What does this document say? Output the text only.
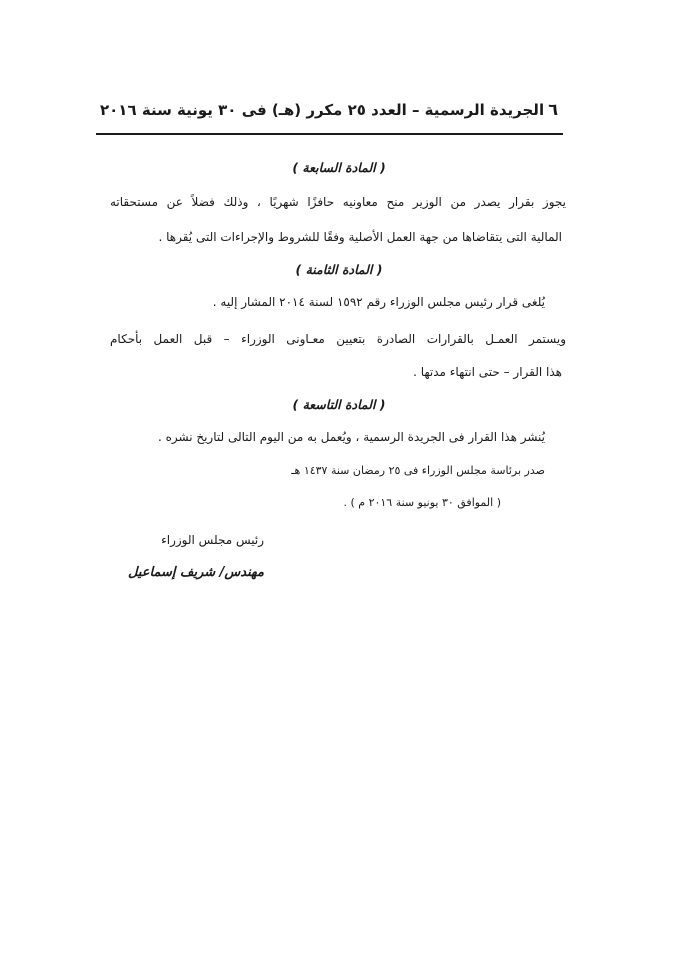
٦
الجريدة الرسمية – العدد ٢٥ مكرر (هـ) فى ٣٠ يونية سنة ٢٠١٦
( المادة السابعة )
يجوز بقرار يصدر من الوزير منح معاونيه حافزًا شهريًا ، وذلك فضلاً عن مستحقاته
المالية التى يتقاضاها من جهة العمل الأصلية وفقًا للشروط والإجراءات التى يُقرها .
( المادة الثامنة )
يُلغى قرار رئيس مجلس الوزراء رقم ١٥٩٢ لسنة ٢٠١٤ المشار إليه .
ويستمر العمـل بالقرارات الصادرة بتعيين معـاونى الوزراء – قبل العمل بأحكام
هذا القرار – حتى انتهاء مدتها .
( المادة التاسعة )
يُنشر هذا القرار فى الجريدة الرسمية ، ويُعمل به من اليوم التالى لتاريخ نشره .
صدر برئاسة مجلس الوزراء فى ٢٥ رمضان سنة ١٤٣٧ هـ
( الموافق ٣٠ يونيو سنة ٢٠١٦ م ) .
رئيس مجلس الوزراء
مهندس/ شريف إسماعيل
